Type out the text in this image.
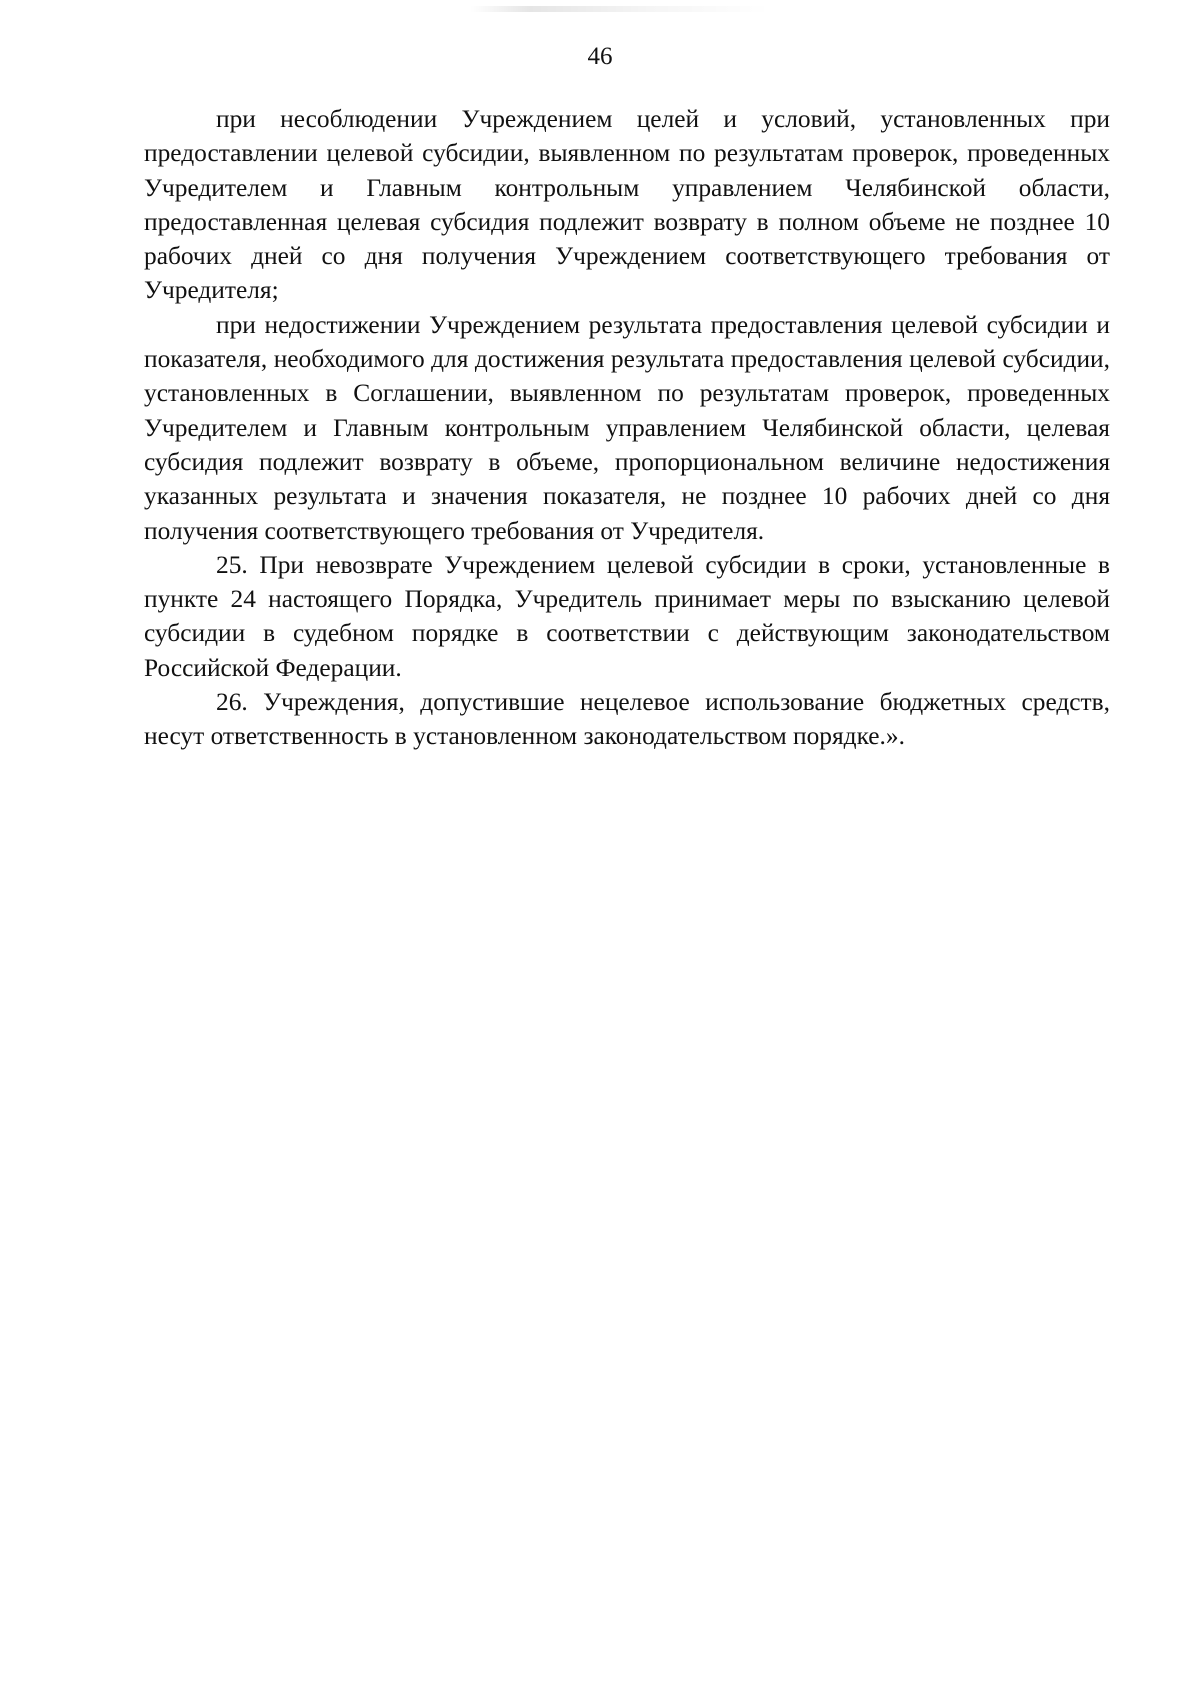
46

при несоблюдении Учреждением целей и условий, установленных при предоставлении целевой субсидии, выявленном по результатам проверок, проведенных Учредителем и Главным контрольным управлением Челябинской области, предоставленная целевая субсидия подлежит возврату в полном объеме не позднее 10 рабочих дней со дня получения Учреждением соответствующего требования от Учредителя;

при недостижении Учреждением результата предоставления целевой субсидии и показателя, необходимого для достижения результата предоставления целевой субсидии, установленных в Соглашении, выявленном по результатам проверок, проведенных Учредителем и Главным контрольным управлением Челябинской области, целевая субсидия подлежит возврату в объеме, пропорциональном величине недостижения указанных результата и значения показателя, не позднее 10 рабочих дней со дня получения соответствующего требования от Учредителя.

25. При невозврате Учреждением целевой субсидии в сроки, установленные в пункте 24 настоящего Порядка, Учредитель принимает меры по взысканию целевой субсидии в судебном порядке в соответствии с действующим законодательством Российской Федерации.

26. Учреждения, допустившие нецелевое использование бюджетных средств, несут ответственность в установленном законодательством порядке.».
